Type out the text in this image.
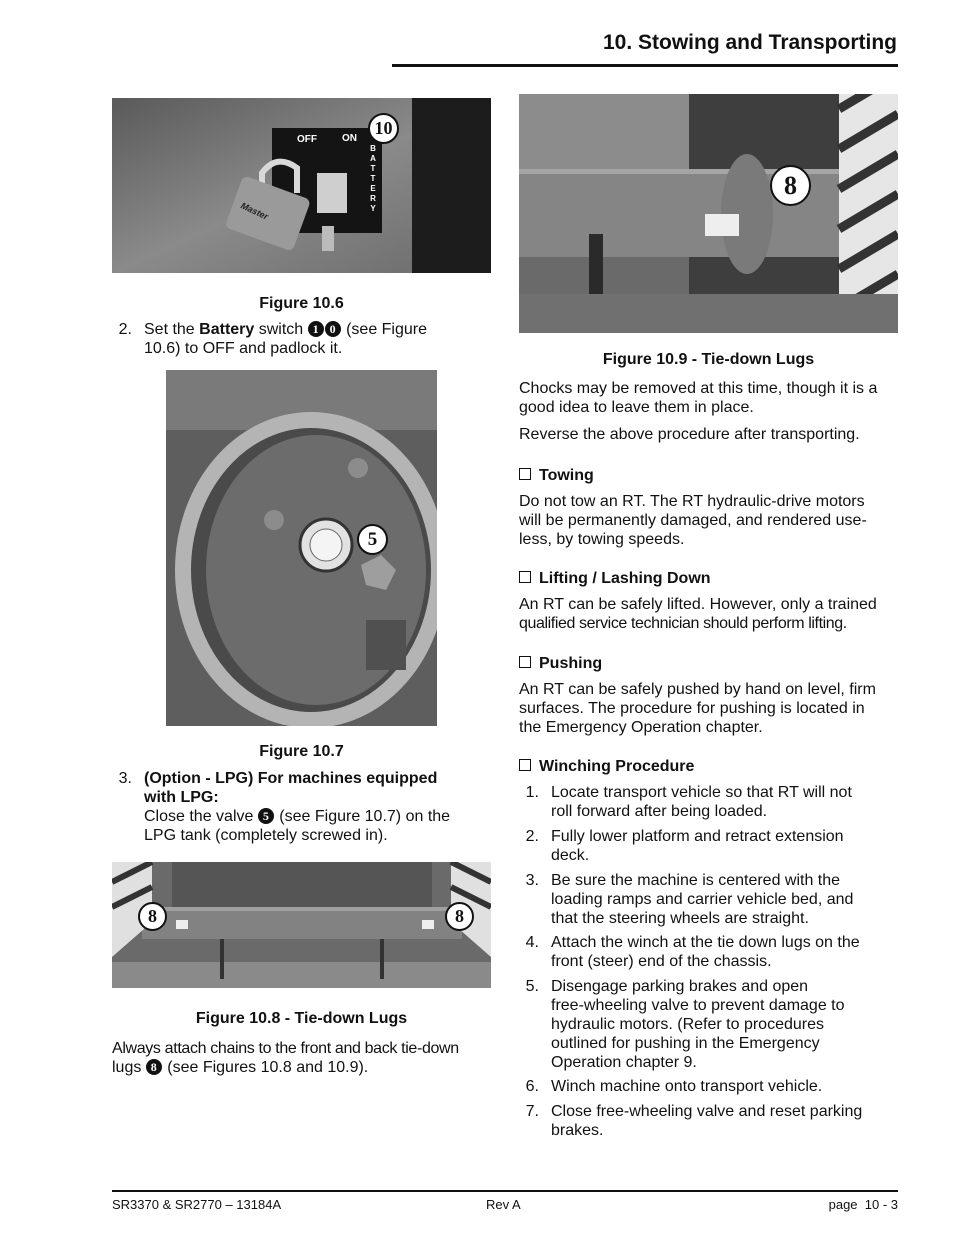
10. Stowing and Transporting
OFF	ON
BATTERY
Master
10
Figure 10.6
2. Set the Battery switch 1 0 (see Figure
10.6) to OFF and padlock it.
5
Figure 10.7
3. (Option - LPG) For machines equipped
with LPG:
Close the valve 5 (see Figure 10.7) on the
LPG tank (completely screwed in).
8	8
Figure 10.8 - Tie-down Lugs
Always attach chains to the front and back tie-down
lugs 8 (see Figures 10.8 and 10.9).
8
Figure 10.9 - Tie-down Lugs
Chocks may be removed at this time, though it is a
good idea to leave them in place.
Reverse the above procedure after transporting.
Towing
Do not tow an RT. The RT hydraulic-drive motors
will be permanently damaged, and rendered use-
less, by towing speeds.
Lifting / Lashing Down
An RT can be safely lifted. However, only a trained
qualified service technician should perform lifting.
Pushing
An RT can be safely pushed by hand on level, firm
surfaces. The procedure for pushing is located in
the Emergency Operation chapter.
Winching Procedure
1. Locate transport vehicle so that RT will not
roll forward after being loaded.
2. Fully lower platform and retract extension
deck.
3. Be sure the machine is centered with the
loading ramps and carrier vehicle bed, and
that the steering wheels are straight.
4. Attach the winch at the tie down lugs on the
front (steer) end of the chassis.
5. Disengage parking brakes and open
free-wheeling valve to prevent damage to
hydraulic motors. (Refer to procedures
outlined for pushing in the Emergency
Operation chapter 9.
6. Winch machine onto transport vehicle.
7. Close free-wheeling valve and reset parking
brakes.
SR3370 & SR2770 – 13184A	Rev A	page  10 - 3
